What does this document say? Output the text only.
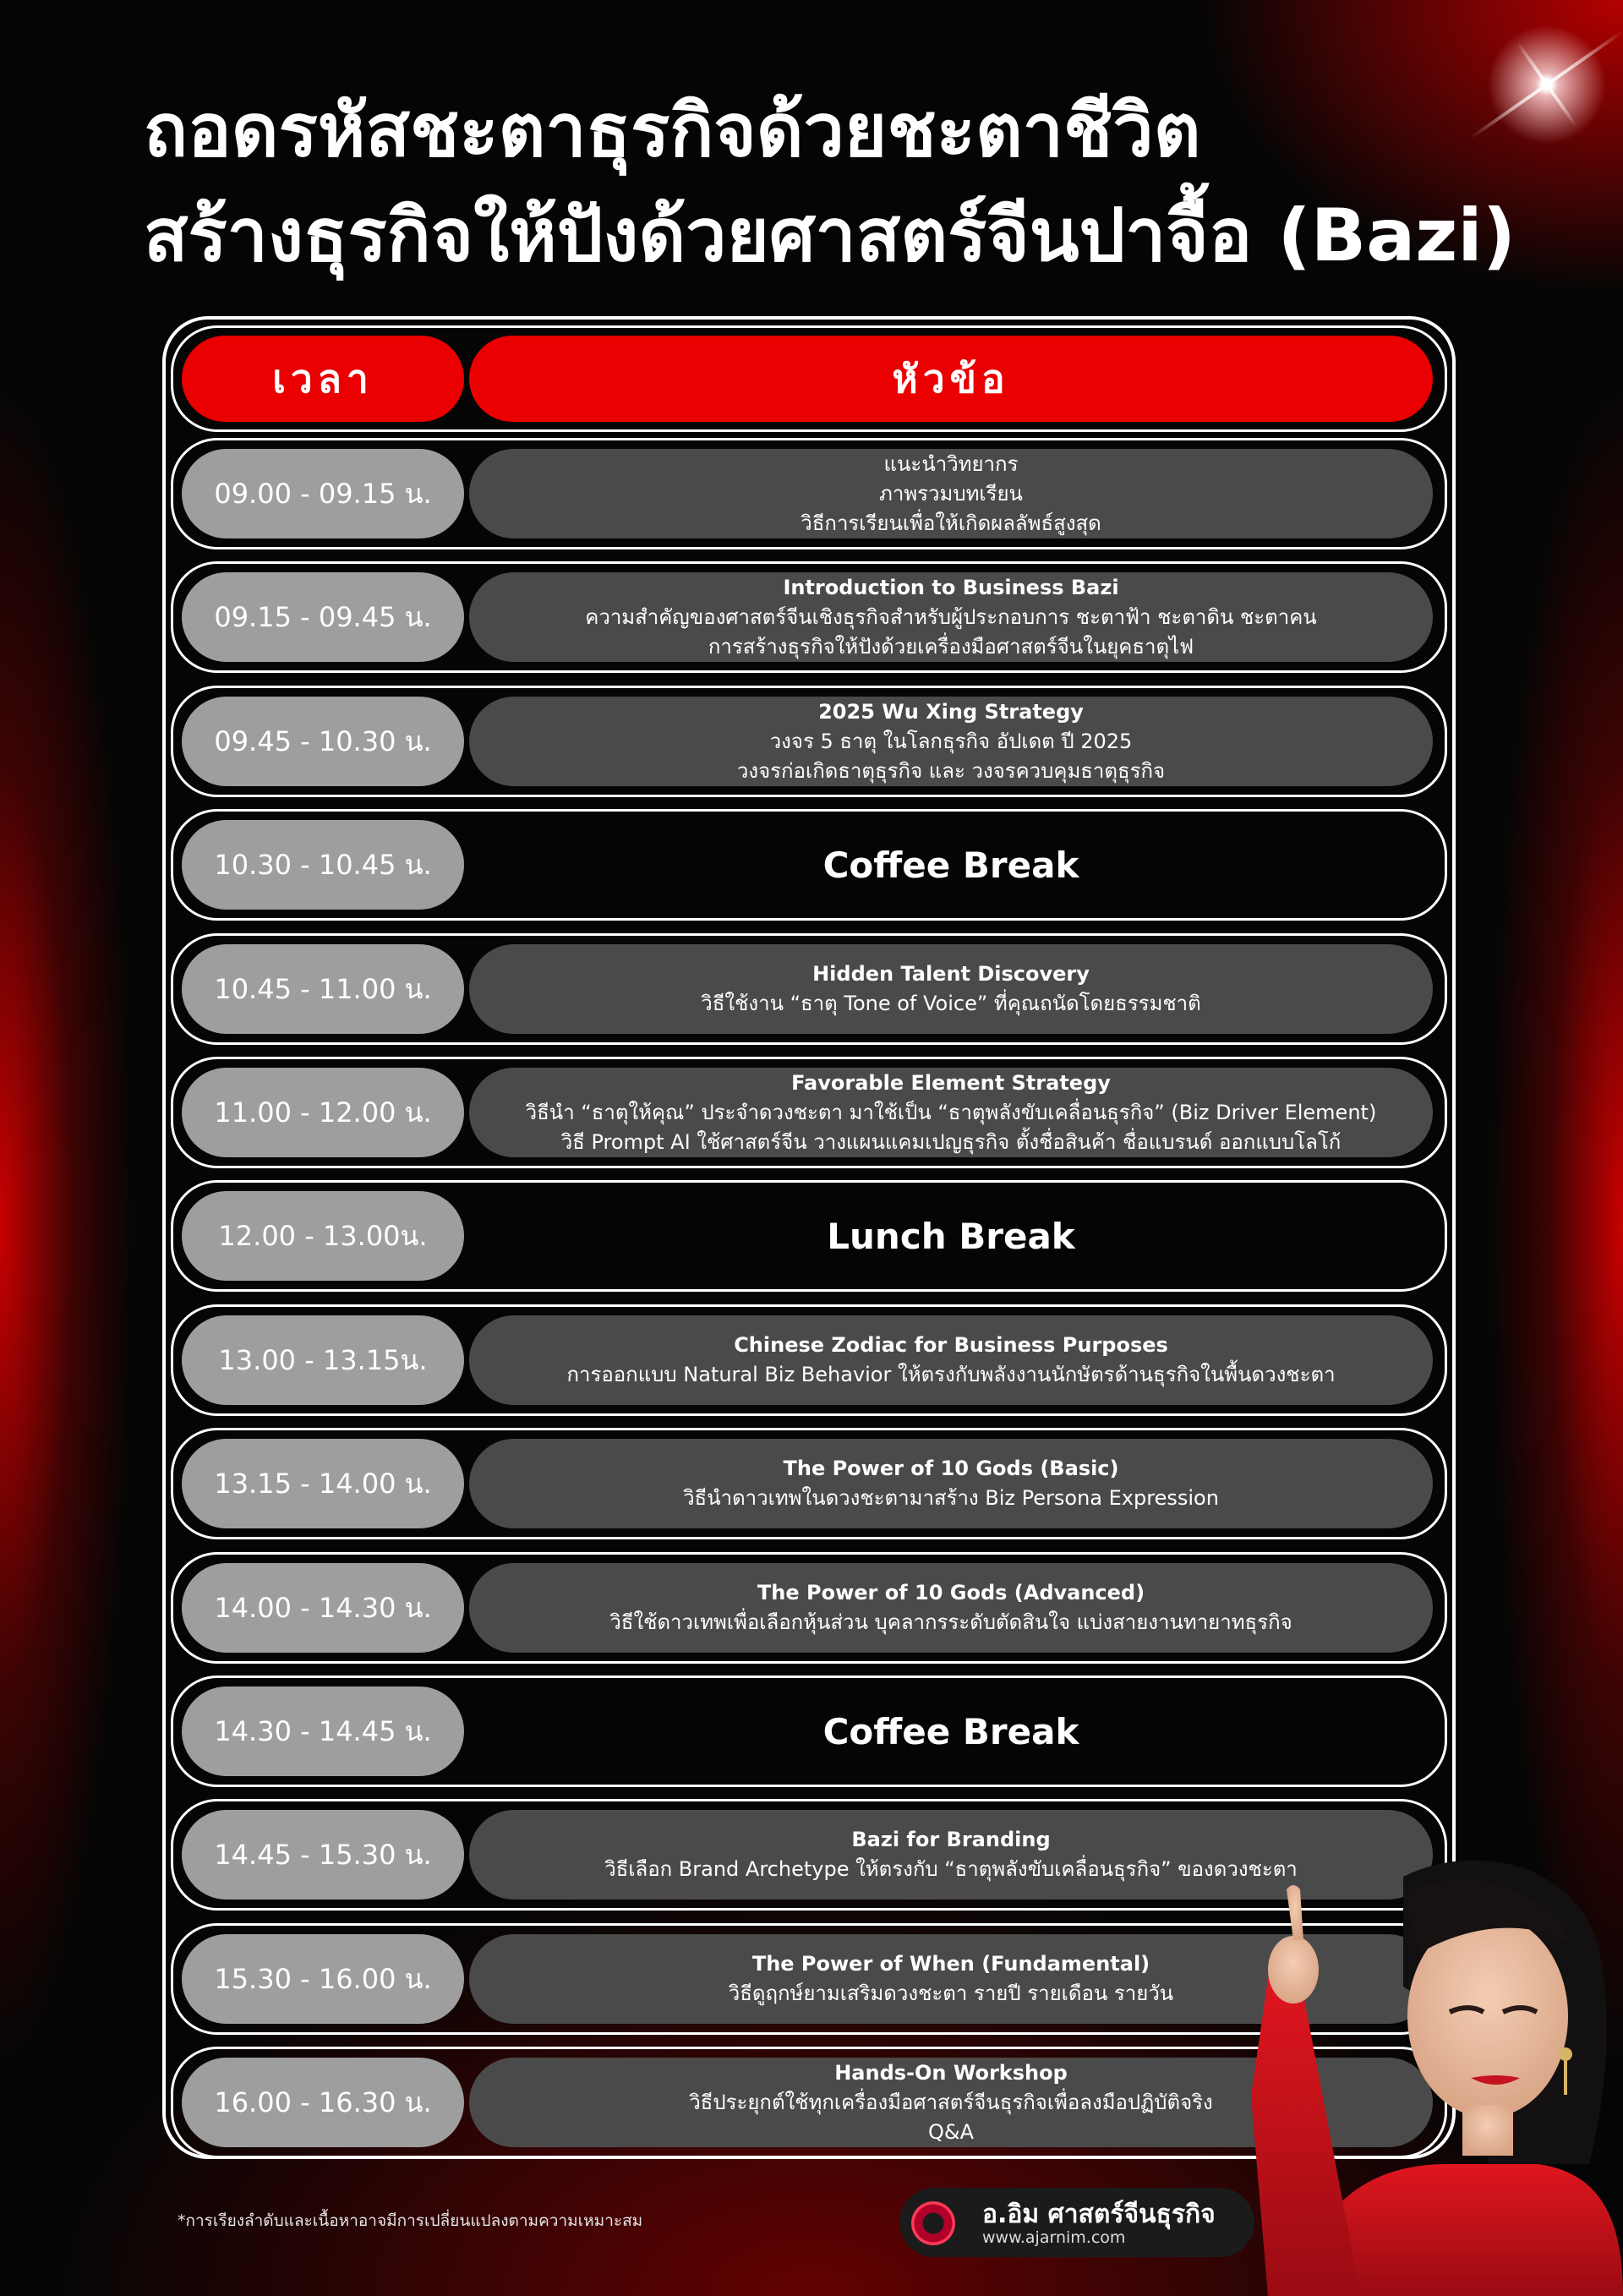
ถอดรหัสชะตาธุรกิจด้วยชะตาชีวิต
สร้างธุรกิจให้ปังด้วยศาสตร์จีนปาจื้อ (Bazi)
เวลา	หัวข้อ
09.00 - 09.15 น.
แนะนำวิทยากร
ภาพรวมบทเรียน
วิธีการเรียนเพื่อให้เกิดผลลัพธ์สูงสุด
09.15 - 09.45 น.
Introduction to Business Bazi
ความสำคัญของศาสตร์จีนเชิงธุรกิจสำหรับผู้ประกอบการ ชะตาฟ้า ชะตาดิน ชะตาคน
การสร้างธุรกิจให้ปังด้วยเครื่องมือศาสตร์จีนในยุคธาตุไฟ
09.45 - 10.30 น.
2025 Wu Xing Strategy
วงจร 5 ธาตุ ในโลกธุรกิจ อัปเดต ปี 2025
วงจรก่อเกิดธาตุธุรกิจ และ วงจรควบคุมธาตุธุรกิจ
10.30 - 10.45 น.	Coffee Break
10.45 - 11.00 น.	Hidden Talent Discovery
วิธีใช้งาน “ธาตุ Tone of Voice” ที่คุณถนัดโดยธรรมชาติ
11.00 - 12.00 น.
Favorable Element Strategy
วิธีนำ “ธาตุให้คุณ” ประจำดวงชะตา มาใช้เป็น “ธาตุพลังขับเคลื่อนธุรกิจ” (Biz Driver Element)
วิธี Prompt AI ใช้ศาสตร์จีน วางแผนแคมเปญธุรกิจ ตั้งชื่อสินค้า ชื่อแบรนด์ ออกแบบโลโก้
12.00 - 13.00น.	Lunch Break
13.00 - 13.15น.	Chinese Zodiac for Business Purposes
การออกแบบ Natural Biz Behavior ให้ตรงกับพลังงานนักษัตรด้านธุรกิจในพื้นดวงชะตา
13.15 - 14.00 น.	The Power of 10 Gods (Basic)
วิธีนำดาวเทพในดวงชะตามาสร้าง Biz Persona Expression
14.00 - 14.30 น.	The Power of 10 Gods (Advanced)
วิธีใช้ดาวเทพเพื่อเลือกหุ้นส่วน บุคลากรระดับตัดสินใจ แบ่งสายงานทายาทธุรกิจ
14.30 - 14.45 น.	Coffee Break
14.45 - 15.30 น.	Bazi for Branding
วิธีเลือก Brand Archetype ให้ตรงกับ “ธาตุพลังขับเคลื่อนธุรกิจ” ของดวงชะตา
15.30 - 16.00 น.	The Power of When (Fundamental)
วิธีดูฤกษ์ยามเสริมดวงชะตา รายปี รายเดือน รายวัน
16.00 - 16.30 น.
Hands-On Workshop
วิธีประยุกต์ใช้ทุกเครื่องมือศาสตร์จีนธุรกิจเพื่อลงมือปฏิบัติจริง
Q&A
*การเรียงลำดับและเนื้อหาอาจมีการเปลี่ยนแปลงตามความเหมาะสม	อ.อิม ศาสตร์จีนธุรกิจ
www.ajarnim.com
